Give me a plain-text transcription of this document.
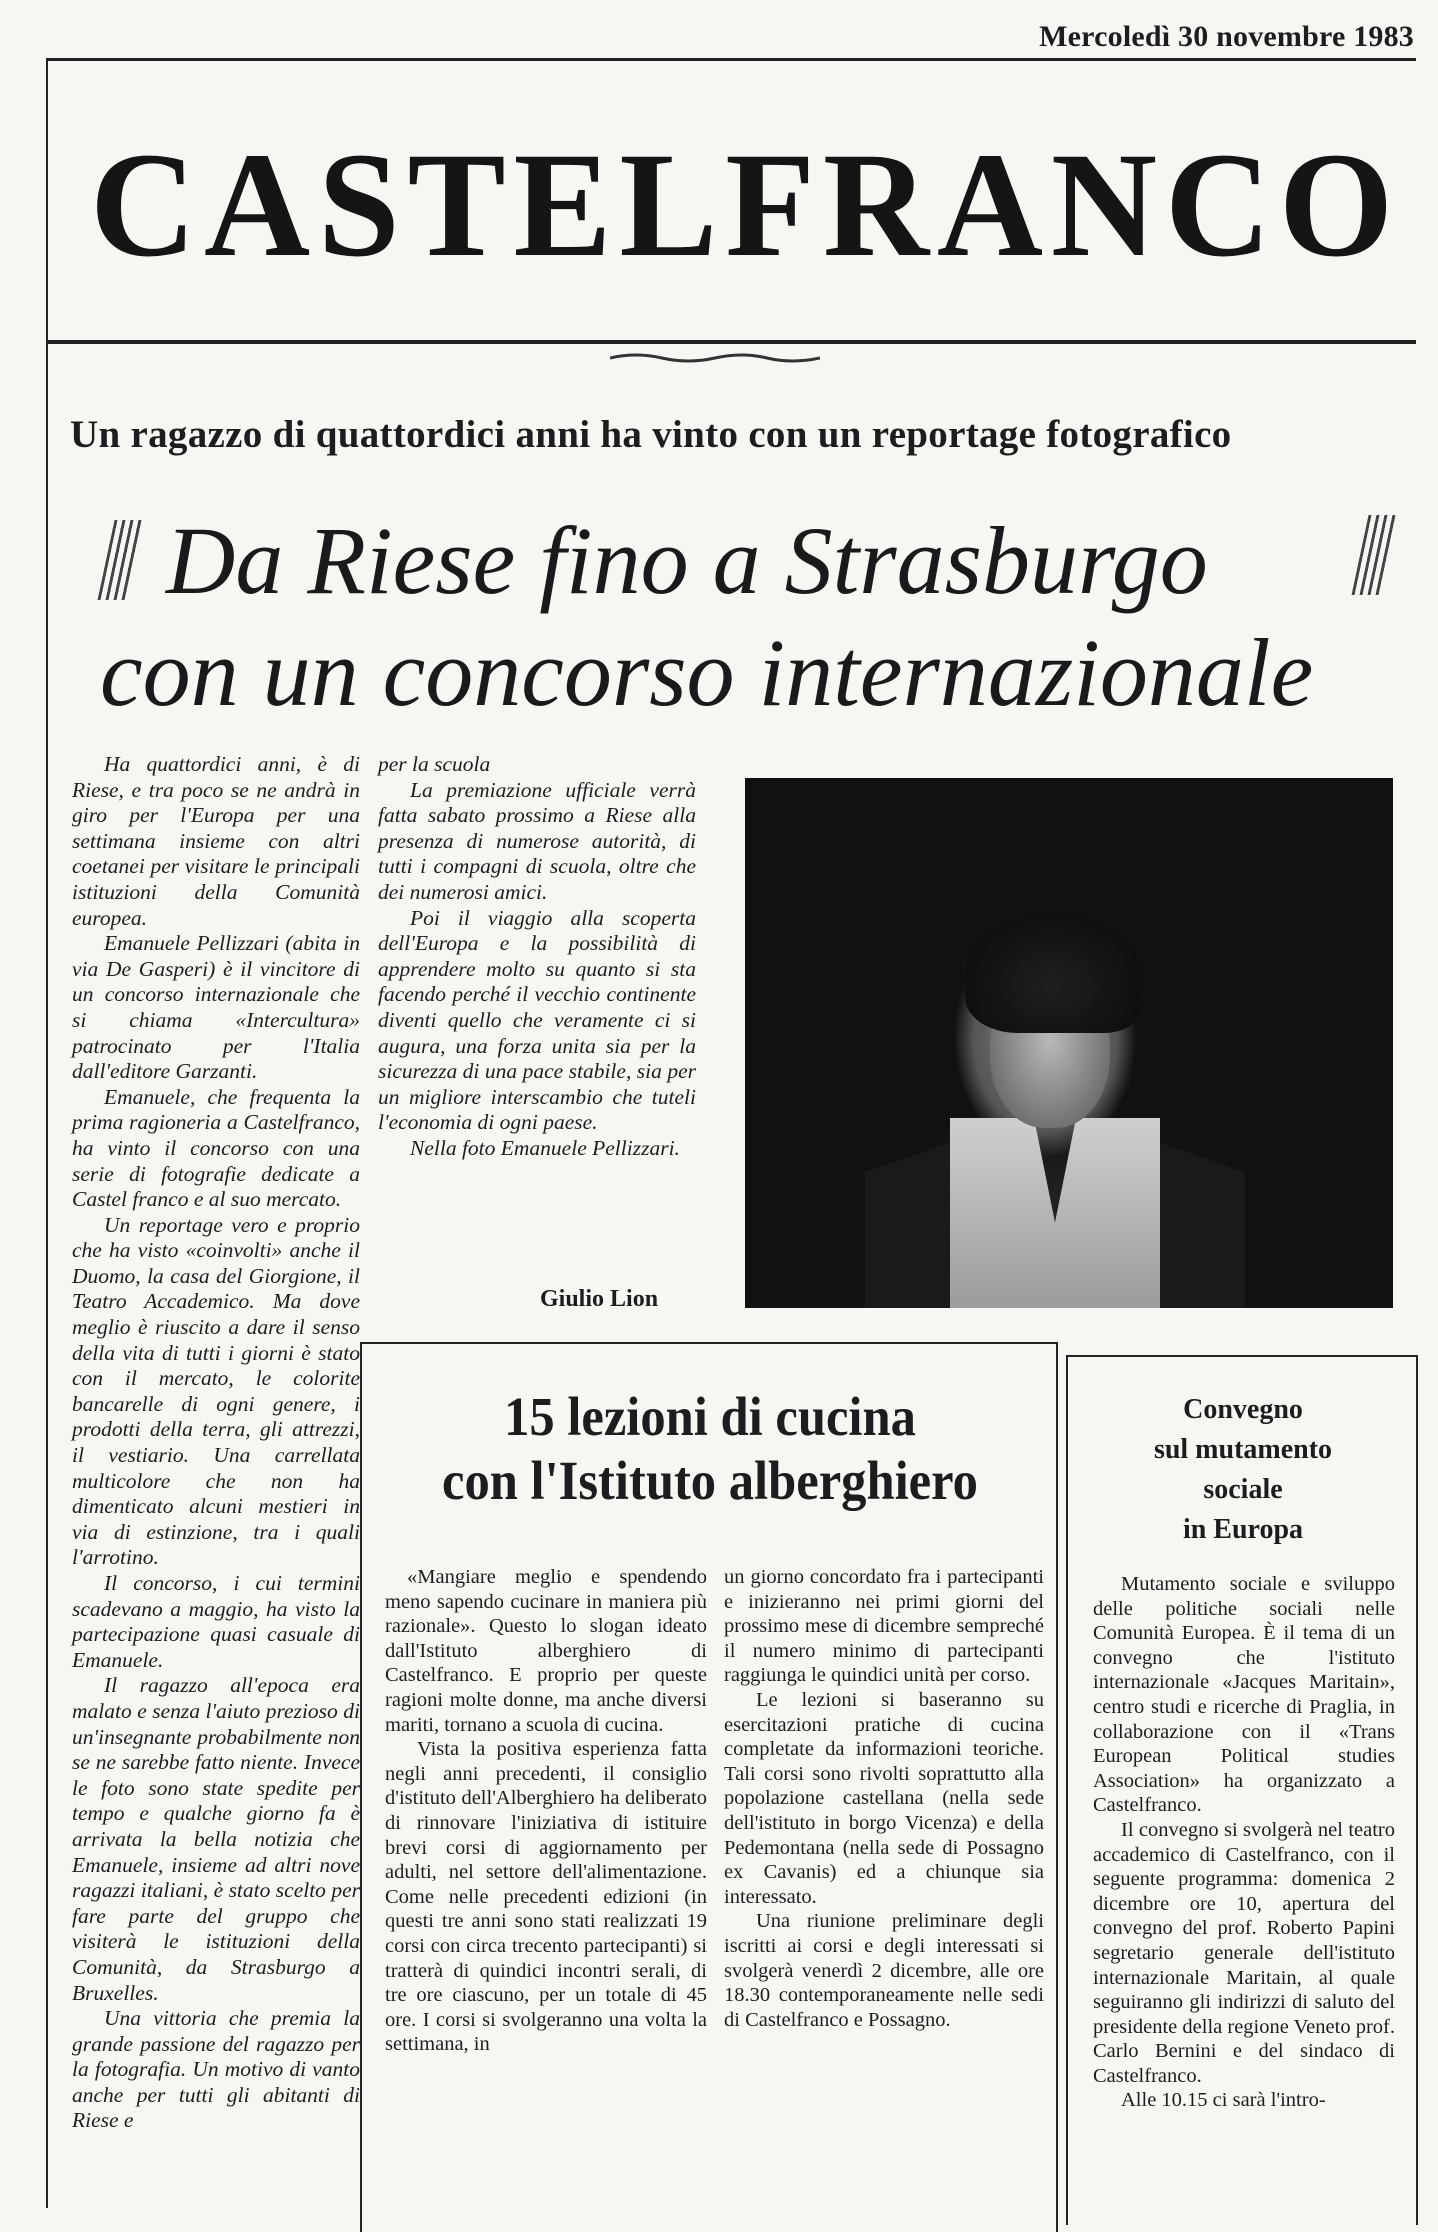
Mercoledì 30 novembre 1983
CASTELFRANCO
Un ragazzo di quattordici anni ha vinto con un reportage fotografico
Da Riese fino a Strasburgo
con un concorso internazionale

Ha quattordici anni, è di Riese, e tra poco se ne andrà in giro per l'Europa per una settimana insieme con altri coetanei per visitare le principali istituzioni della Comunità europea.

Emanuele Pellizzari (abita in via De Gasperi) è il vincitore di un concorso internazionale che si chiama «Intercultura» patrocinato per l'Italia dall'editore Garzanti.

Emanuele, che frequenta la prima ragioneria a Castelfranco, ha vinto il concorso con una serie di fotografie dedicate a Castel franco e al suo mercato.

Un reportage vero e proprio che ha visto «coinvolti» anche il Duomo, la casa del Giorgione, il Teatro Accademico. Ma dove meglio è riuscito a dare il senso della vita di tutti i giorni è stato con il mercato, le colorite bancarelle di ogni genere, i prodotti della terra, gli attrezzi, il vestiario. Una carrellata multicolore che non ha dimenticato alcuni mestieri in via di estinzione, tra i quali l'arrotino.

Il concorso, i cui termini scadevano a maggio, ha visto la partecipazione quasi casuale di Emanuele.

Il ragazzo all'epoca era malato e senza l'aiuto prezioso di un'insegnante probabilmente non se ne sarebbe fatto niente. Invece le foto sono state spedite per tempo e qualche giorno fa è arrivata la bella notizia che Emanuele, insieme ad altri nove ragazzi italiani, è stato scelto per fare parte del gruppo che visiterà le istituzioni della Comunità, da Strasburgo a Bruxelles.

Una vittoria che premia la grande passione del ragazzo per la fotografia. Un motivo di vanto anche per tutti gli abitanti di Riese e

per la scuola

La premiazione ufficiale verrà fatta sabato prossimo a Riese alla presenza di numerose autorità, di tutti i compagni di scuola, oltre che dei numerosi amici.

Poi il viaggio alla scoperta dell'Europa e la possibilità di apprendere molto su quanto si sta facendo perché il vecchio continente diventi quello che veramente ci si augura, una forza unita sia per la sicurezza di una pace stabile, sia per un migliore interscambio che tuteli l'economia di ogni paese.

Nella foto Emanuele Pellizzari.

Giulio Lion
15 lezioni di cucina
con l'Istituto alberghiero

«Mangiare meglio e spendendo meno sapendo cucinare in maniera più razionale». Questo lo slogan ideato dall'Istituto alberghiero di Castelfranco. E proprio per queste ragioni molte donne, ma anche diversi mariti, tornano a scuola di cucina.

Vista la positiva esperienza fatta negli anni precedenti, il consiglio d'istituto dell'Alberghiero ha deliberato di rinnovare l'iniziativa di istituire brevi corsi di aggiornamento per adulti, nel settore dell'alimentazione. Come nelle precedenti edizioni (in questi tre anni sono stati realizzati 19 corsi con circa trecento partecipanti) si tratterà di quindici incontri serali, di tre ore ciascuno, per un totale di 45 ore. I corsi si svolgeranno una volta la settimana, in

un giorno concordato fra i partecipanti e inizieranno nei primi giorni del prossimo mese di dicembre sempreché il numero minimo di partecipanti raggiunga le quindici unità per corso.

Le lezioni si baseranno su esercitazioni pratiche di cucina completate da informazioni teoriche. Tali corsi sono rivolti soprattutto alla popolazione castellana (nella sede dell'istituto in borgo Vicenza) e della Pedemontana (nella sede di Possagno ex Cavanis) ed a chiunque sia interessato.

Una riunione preliminare degli iscritti ai corsi e degli interessati si svolgerà venerdì 2 dicembre, alle ore 18.30 contemporaneamente nelle sedi di Castelfranco e Possagno.

Convegno
sul mutamento
sociale
in Europa

Mutamento sociale e sviluppo delle politiche sociali nelle Comunità Europea. È il tema di un convegno che l'istituto internazionale «Jacques Maritain», centro studi e ricerche di Praglia, in collaborazione con il «Trans European Political studies Association» ha organizzato a Castelfranco.

Il convegno si svolgerà nel teatro accademico di Castelfranco, con il seguente programma: domenica 2 dicembre ore 10, apertura del convegno del prof. Roberto Papini segretario generale dell'istituto internazionale Maritain, al quale seguiranno gli indirizzi di saluto del presidente della regione Veneto prof. Carlo Bernini e del sindaco di Castelfranco.

Alle 10.15 ci sarà l'intro-
